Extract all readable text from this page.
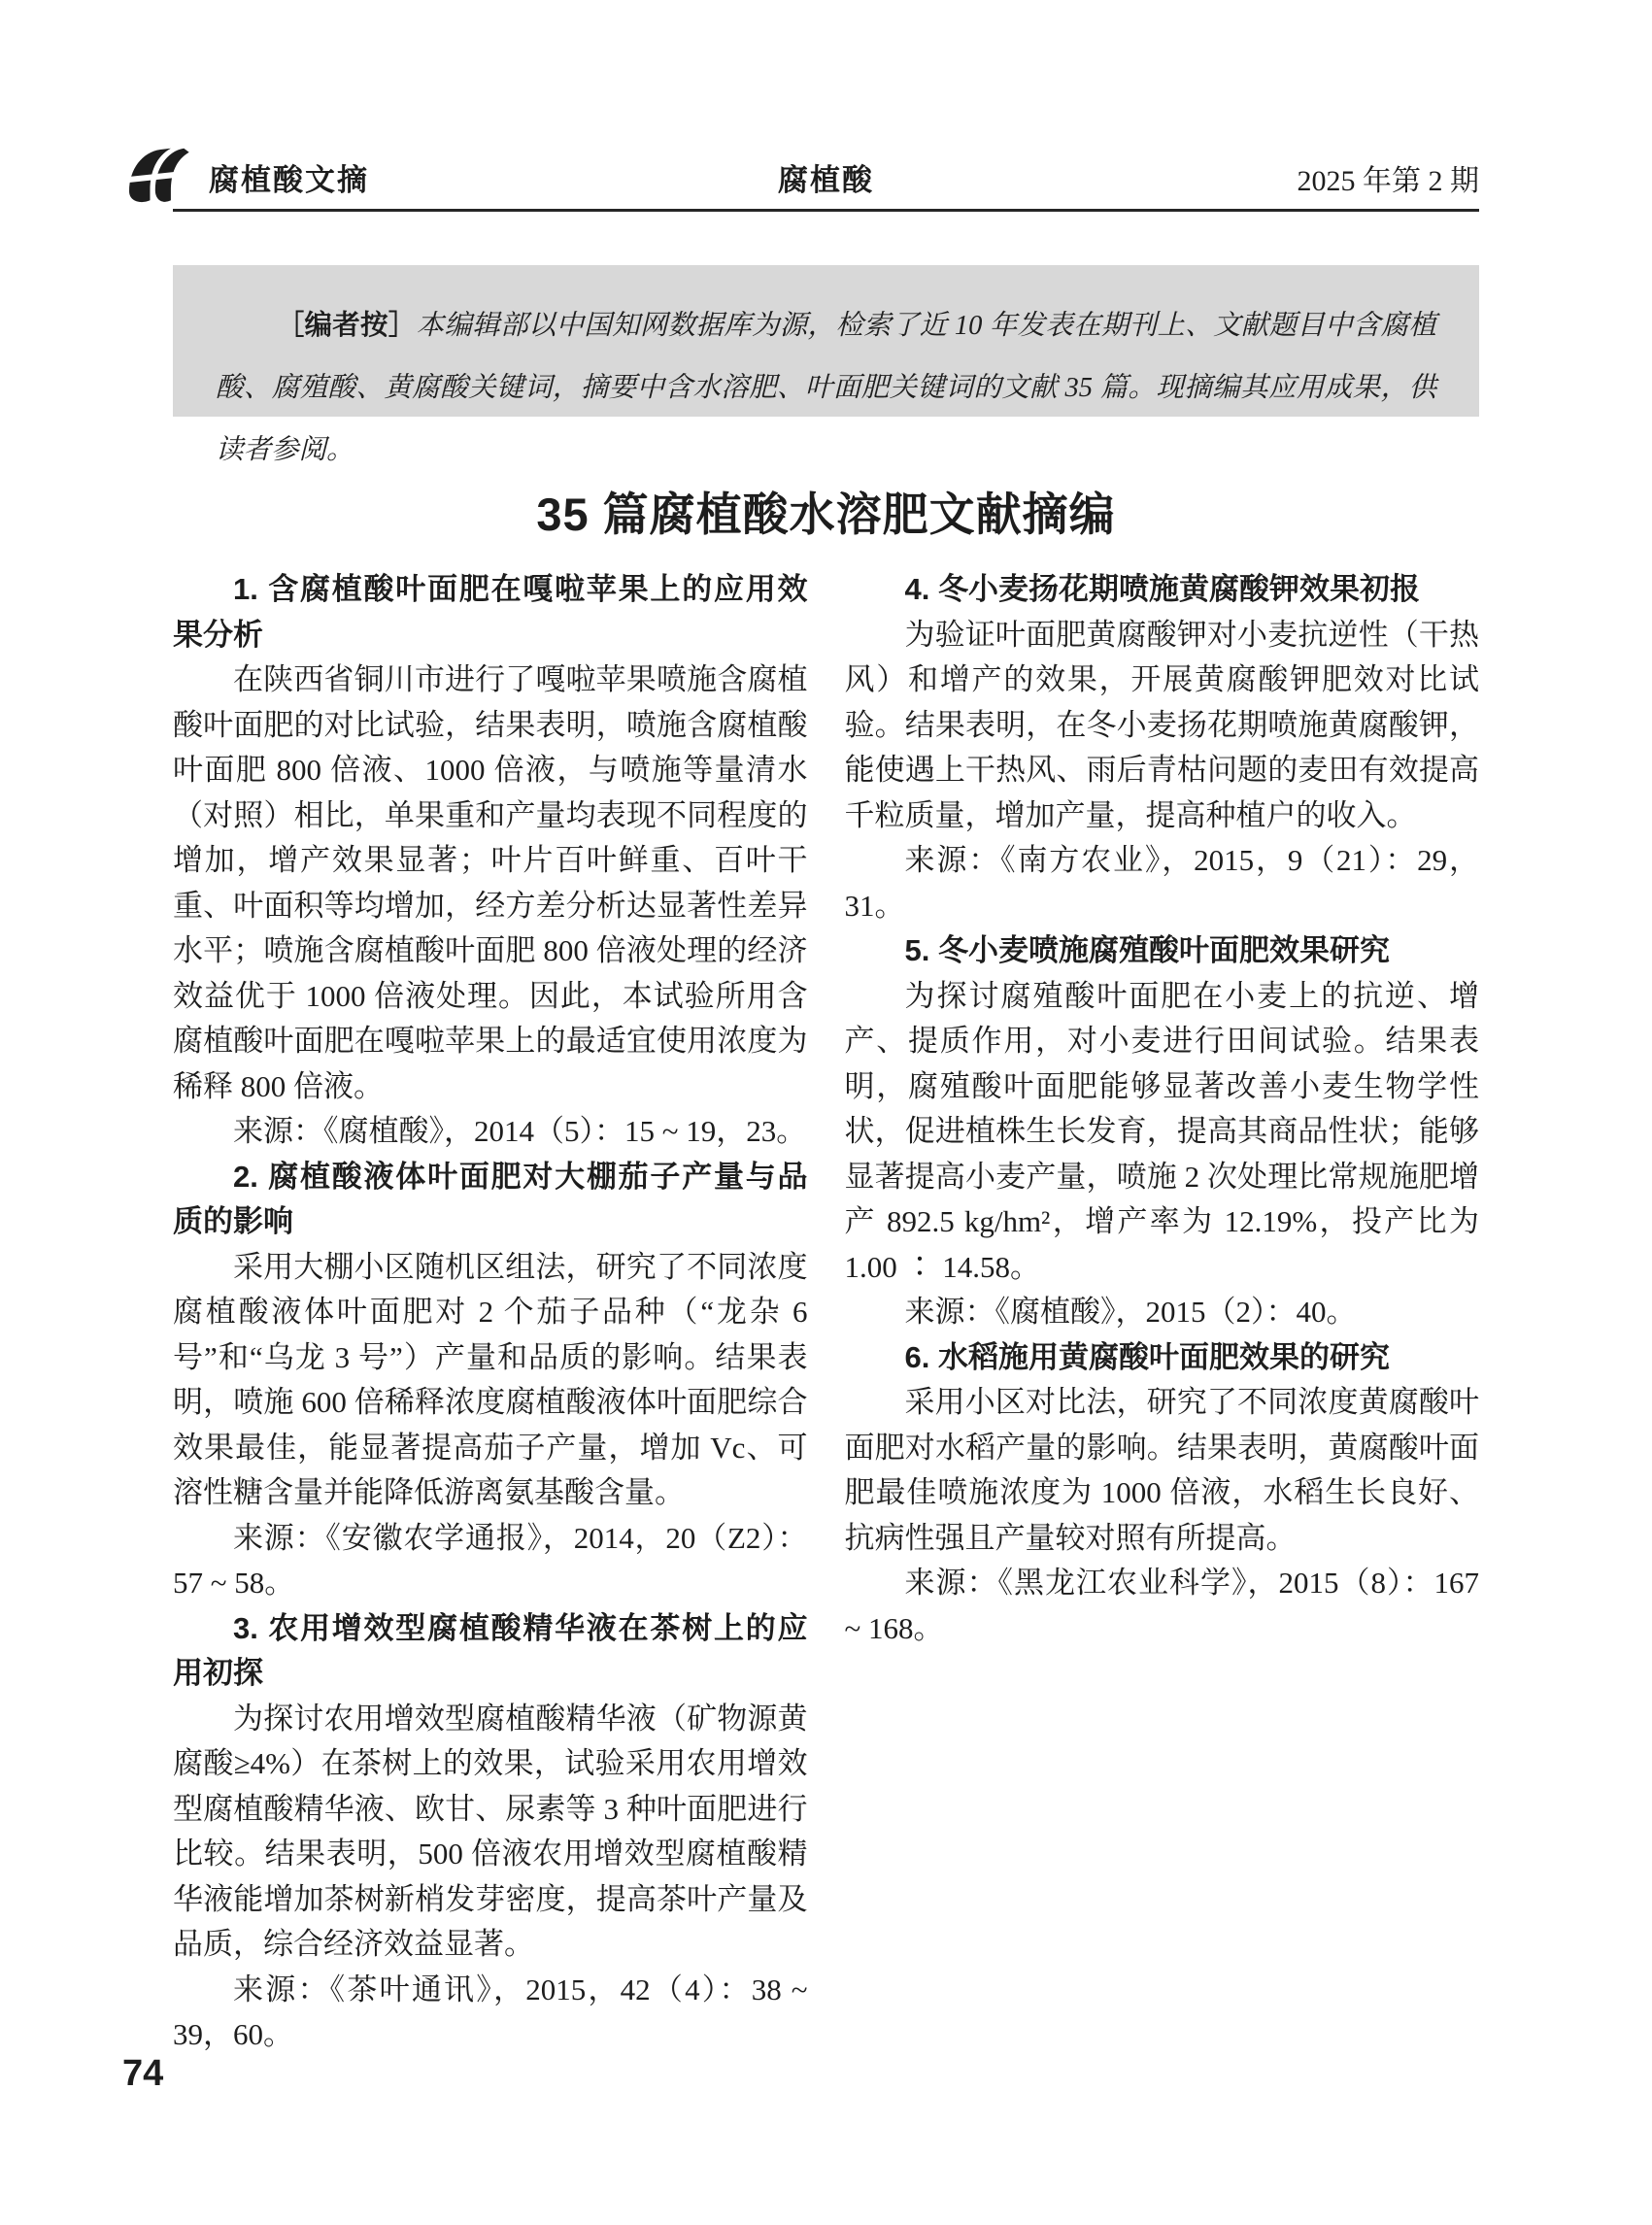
腐植酸文摘	腐植酸	2025 年第 2 期

［编者按］本编辑部以中国知网数据库为源，检索了近 10 年发表在期刊上、文献题目中含腐植酸、腐殖酸、黄腐酸关键词，摘要中含水溶肥、叶面肥关键词的文献 35 篇。现摘编其应用成果，供读者参阅。

35 篇腐植酸水溶肥文献摘编

1. 含腐植酸叶面肥在嘎啦苹果上的应用效果分析

在陕西省铜川市进行了嘎啦苹果喷施含腐植酸叶面肥的对比试验，结果表明，喷施含腐植酸叶面肥 800 倍液、1000 倍液，与喷施等量清水（对照）相比，单果重和产量均表现不同程度的增加，增产效果显著；叶片百叶鲜重、百叶干重、叶面积等均增加，经方差分析达显著性差异水平；喷施含腐植酸叶面肥 800 倍液处理的经济效益优于 1000 倍液处理。因此，本试验所用含腐植酸叶面肥在嘎啦苹果上的最适宜使用浓度为稀释 800 倍液。

来源：《腐植酸》，2014（5）：15 ~ 19，23。

2. 腐植酸液体叶面肥对大棚茄子产量与品质的影响

采用大棚小区随机区组法，研究了不同浓度腐植酸液体叶面肥对 2 个茄子品种（“龙杂 6 号”和“乌龙 3 号”）产量和品质的影响。结果表明，喷施 600 倍稀释浓度腐植酸液体叶面肥综合效果最佳，能显著提高茄子产量，增加 Vc、可溶性糖含量并能降低游离氨基酸含量。

来源：《安徽农学通报》，2014，20（Z2）：57 ~ 58。

3. 农用增效型腐植酸精华液在茶树上的应用初探

为探讨农用增效型腐植酸精华液（矿物源黄腐酸≥4%）在茶树上的效果，试验采用农用增效型腐植酸精华液、欧甘、尿素等 3 种叶面肥进行比较。结果表明，500 倍液农用增效型腐植酸精华液能增加茶树新梢发芽密度，提高茶叶产量及品质，综合经济效益显著。

来源：《茶叶通讯》，2015，42（4）：38 ~ 39，60。

4. 冬小麦扬花期喷施黄腐酸钾效果初报

为验证叶面肥黄腐酸钾对小麦抗逆性（干热风）和增产的效果，开展黄腐酸钾肥效对比试验。结果表明，在冬小麦扬花期喷施黄腐酸钾，能使遇上干热风、雨后青枯问题的麦田有效提高千粒质量，增加产量，提高种植户的收入。

来源：《南方农业》，2015，9（21）：29，31。

5. 冬小麦喷施腐殖酸叶面肥效果研究

为探讨腐殖酸叶面肥在小麦上的抗逆、增产、提质作用，对小麦进行田间试验。结果表明，腐殖酸叶面肥能够显著改善小麦生物学性状，促进植株生长发育，提高其商品性状；能够显著提高小麦产量，喷施 2 次处理比常规施肥增产 892.5 kg/hm²，增产率为 12.19%，投产比为 1.00 ∶ 14.58。

来源：《腐植酸》，2015（2）：40。

6. 水稻施用黄腐酸叶面肥效果的研究

采用小区对比法，研究了不同浓度黄腐酸叶面肥对水稻产量的影响。结果表明，黄腐酸叶面肥最佳喷施浓度为 1000 倍液，水稻生长良好、抗病性强且产量较对照有所提高。

来源：《黑龙江农业科学》，2015（8）：167 ~ 168。

74
